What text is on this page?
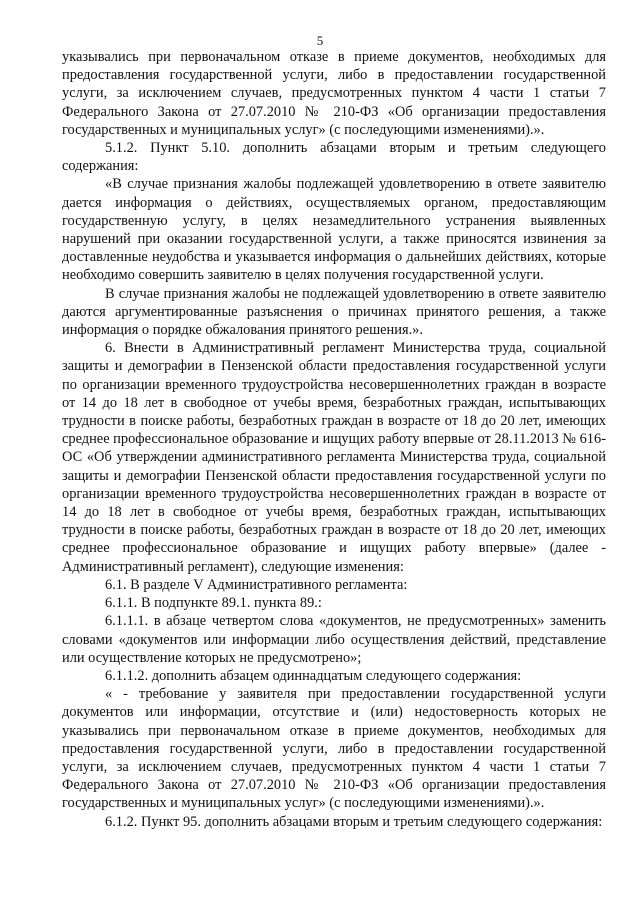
5

указывались при первоначальном отказе в приеме документов, необходимых для предоставления государственной услуги, либо в предоставлении государственной услуги, за исключением случаев, предусмотренных пунктом 4 части 1 статьи 7 Федерального Закона от 27.07.2010 № 210-ФЗ «Об организации предоставления государственных и муниципальных услуг» (с последующими изменениями).».

5.1.2. Пункт 5.10. дополнить абзацами вторым и третьим следующего содержания:

«В случае признания жалобы подлежащей удовлетворению в ответе заявителю дается информация о действиях, осуществляемых органом, предоставляющим государственную услугу, в целях незамедлительного устранения выявленных нарушений при оказании государственной услуги, а также приносятся извинения за доставленные неудобства и указывается информация о дальнейших действиях, которые необходимо совершить заявителю в целях получения государственной услуги.

В случае признания жалобы не подлежащей удовлетворению в ответе заявителю даются аргументированные разъяснения о причинах принятого решения, а также информация о порядке обжалования принятого решения.».

6. Внести в Административный регламент Министерства труда, социальной защиты и демографии в Пензенской области предоставления государственной услуги по организации временного трудоустройства несовершеннолетних граждан в возрасте от 14 до 18 лет в свободное от учебы время, безработных граждан, испытывающих трудности в поиске работы, безработных граждан в возрасте от 18 до 20 лет, имеющих среднее профессиональное образование и ищущих работу впервые от 28.11.2013 № 616-ОС «Об утверждении административного регламента Министерства труда, социальной защиты и демографии Пензенской области предоставления государственной услуги по организации временного трудоустройства несовершеннолетних граждан в возрасте от 14 до 18 лет в свободное от учебы время, безработных граждан, испытывающих трудности в поиске работы, безработных граждан в возрасте от 18 до 20 лет, имеющих среднее профессиональное образование и ищущих работу впервые» (далее - Административный регламент), следующие изменения:

6.1. В разделе V Административного регламента:

6.1.1. В подпункте 89.1. пункта 89.:

6.1.1.1. в абзаце четвертом слова «документов, не предусмотренных» заменить словами «документов или информации либо осуществления действий, представление или осуществление которых не предусмотрено»;

6.1.1.2. дополнить абзацем одиннадцатым следующего содержания:

« - требование у заявителя при предоставлении государственной услуги документов или информации, отсутствие и (или) недостоверность которых не указывались при первоначальном отказе в приеме документов, необходимых для предоставления государственной услуги, либо в предоставлении государственной услуги, за исключением случаев, предусмотренных пунктом 4 части 1 статьи 7 Федерального Закона от 27.07.2010 № 210-ФЗ «Об организации предоставления государственных и муниципальных услуг» (с последующими изменениями).».

6.1.2. Пункт 95. дополнить абзацами вторым и третьим следующего содержания:
